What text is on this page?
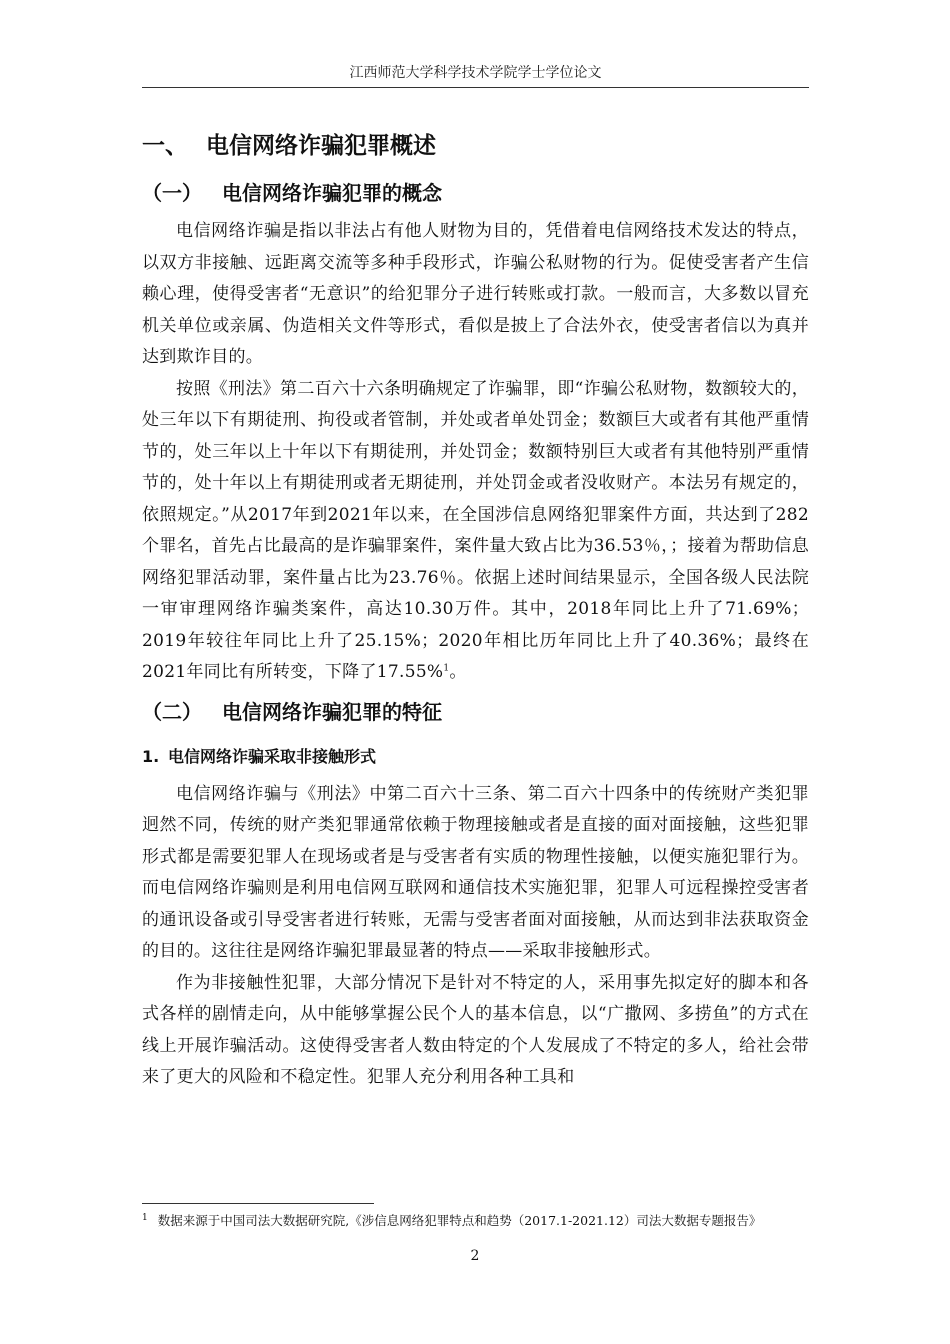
江西师范大学科学技术学院学士学位论文
一、 电信网络诈骗犯罪概述
（一） 电信网络诈骗犯罪的概念

电信网络诈骗是指以非法占有他人财物为目的，凭借着电信网络技术发达的特点，以双方非接触、远距离交流等多种手段形式，诈骗公私财物的行为。促使受害者产生信赖心理，使得受害者“无意识”的给犯罪分子进行转账或打款。一般而言，大多数以冒充机关单位或亲属、伪造相关文件等形式，看似是披上了合法外衣，使受害者信以为真并达到欺诈目的。

按照《刑法》第二百六十六条明确规定了诈骗罪，即“诈骗公私财物，数额较大的，处三年以下有期徒刑、拘役或者管制，并处或者单处罚金；数额巨大或者有其他严重情节的，处三年以上十年以下有期徒刑，并处罚金；数额特别巨大或者有其他特别严重情节的，处十年以上有期徒刑或者无期徒刑，并处罚金或者没收财产。本法另有规定的，依照规定。”从2017年到2021年以来，在全国涉信息网络犯罪案件方面，共达到了282个罪名，首先占比最高的是诈骗罪案件，案件量大致占比为36.53％，；接着为帮助信息网络犯罪活动罪，案件量占比为23.76％。依据上述时间结果显示，全国各级人民法院一审审理网络诈骗类案件，高达10.30万件。其中，2018年同比上升了71.69%；2019年较往年同比上升了25.15%；2020年相比历年同比上升了40.36%；最终在2021年同比有所转变，下降了17.55%$^1$。

（二） 电信网络诈骗犯罪的特征
1. 电信网络诈骗采取非接触形式

电信网络诈骗与《刑法》中第二百六十三条、第二百六十四条中的传统财产类犯罪迥然不同，传统的财产类犯罪通常依赖于物理接触或者是直接的面对面接触，这些犯罪形式都是需要犯罪人在现场或者是与受害者有实质的物理性接触，以便实施犯罪行为。而电信网络诈骗则是利用电信网互联网和通信技术实施犯罪，犯罪人可远程操控受害者的通讯设备或引导受害者进行转账，无需与受害者面对面接触，从而达到非法获取资金的目的。这往往是网络诈骗犯罪最显著的特点——采取非接触形式。

作为非接触性犯罪，大部分情况下是针对不特定的人，采用事先拟定好的脚本和各式各样的剧情走向，从中能够掌握公民个人的基本信息，以“广撒网、多捞鱼”的方式在线上开展诈骗活动。这使得受害者人数由特定的个人发展成了不特定的多人，给社会带来了更大的风险和不稳定性。犯罪人充分利用各种工具和

$^1$ 数据来源于中国司法大数据研究院,《涉信息网络犯罪特点和趋势（2017.1-2021.12）司法大数据专题报告》
2
